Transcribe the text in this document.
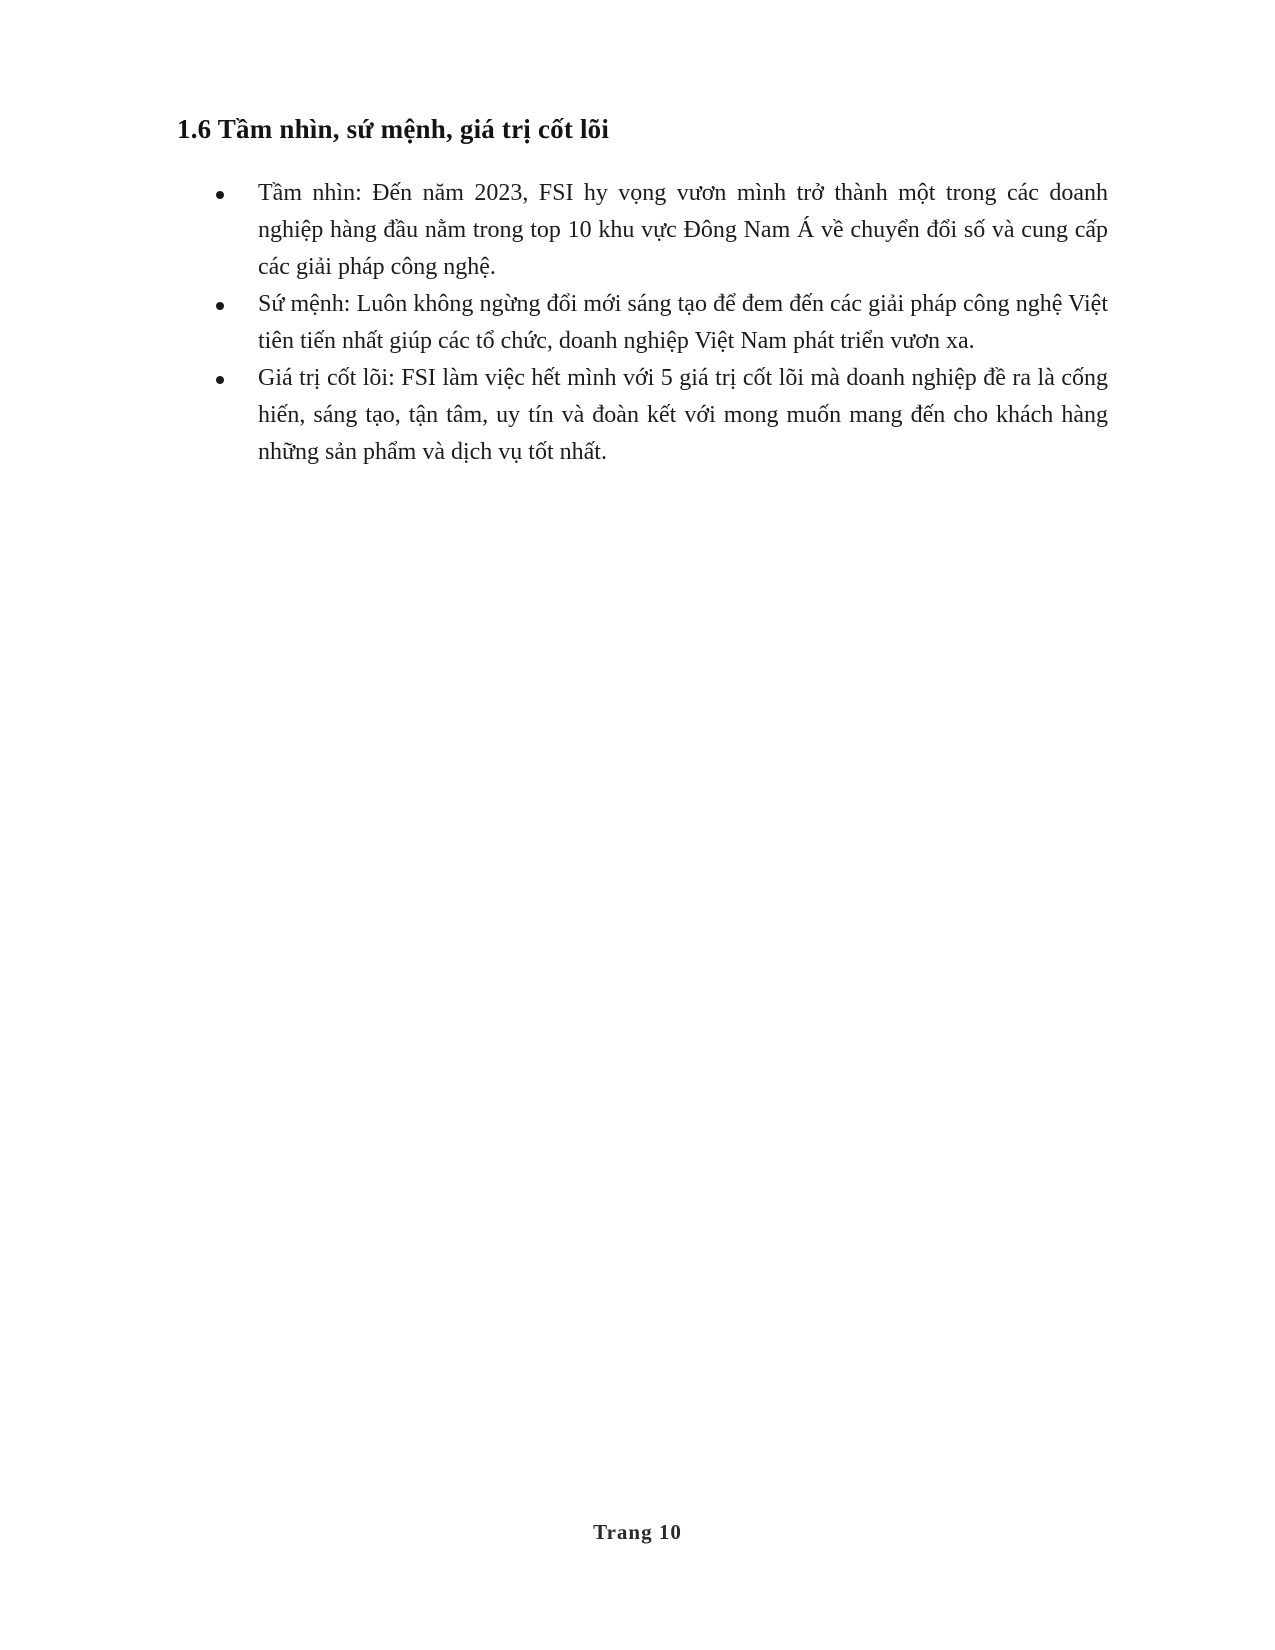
1.6 Tầm nhìn, sứ mệnh, giá trị cốt lõi
Tầm nhìn: Đến năm 2023, FSI hy vọng vươn mình trở thành một trong các doanh nghiệp hàng đầu nằm trong top 10 khu vực Đông Nam Á về chuyển đổi số và cung cấp các giải pháp công nghệ.
Sứ mệnh: Luôn không ngừng đổi mới sáng tạo để đem đến các giải pháp công nghệ Việt tiên tiến nhất giúp các tổ chức, doanh nghiệp Việt Nam phát triển vươn xa.
Giá trị cốt lõi: FSI làm việc hết mình với 5 giá trị cốt lõi mà doanh nghiệp đề ra là cống hiến, sáng tạo, tận tâm, uy tín và đoàn kết với mong muốn mang đến cho khách hàng những sản phẩm và dịch vụ tốt nhất.
Trang 10
